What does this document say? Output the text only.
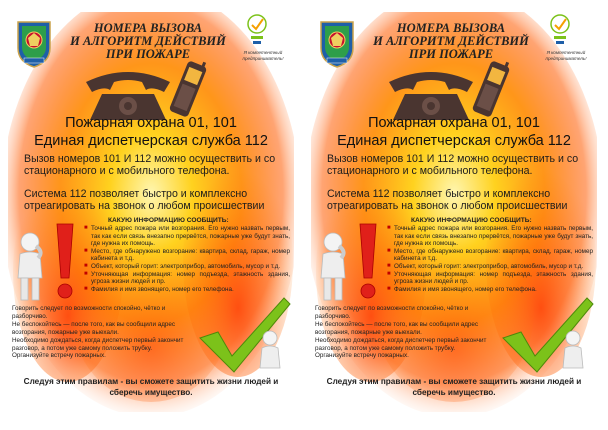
НОМЕРА ВЫЗОВА
И АЛГОРИТМ ДЕЙСТВИЙ
ПРИ ПОЖАРЕ	Я компетентный предприниматель!
Пожарная охрана 01, 101
Единая диспетчерская служба 112
Вызов номеров 101 И 112 можно осуществить и со стационарного и с мобильного телефона.
Система 112 позволяет быстро и комплексно отреагировать на звонок о любом происшествии
КАКУЮ ИНФОРМАЦИЮ СООБЩИТЬ:
■ Точный адрес пожара или возгорания. Его нужно назвать первым, так как если связь внезапно прервётся, пожарные уже будут знать, где нужна их помощь.
■ Место, где обнаружено возгорание: квартира, склад, гараж, номер кабинета и т.д.
■ Объект, который горит: электроприбор, автомобиль, мусор и т.д.
■ Уточняющая информация: номер подъезда, этажность здания, угроза жизни людей и пр.
■ Фамилия и имя звонящего, номер его телефона.
Говорить следует по возможности спокойно, чётко и разборчиво.
Не беспокойтесь — после того, как вы сообщили адрес возгорания, пожарные уже выехали.
Необходимо дождаться, когда диспетчер первый закончит разговор, а потом уже самому положить трубку.
Организуйте встречу пожарных.
Следуя этим правилам - вы сможете защитить жизни людей и сберечь имущество.
НОМЕРА ВЫЗОВА
И АЛГОРИТМ ДЕЙСТВИЙ
ПРИ ПОЖАРЕ	Я компетентный предприниматель!
Пожарная охрана 01, 101
Единая диспетчерская служба 112
Вызов номеров 101 И 112 можно осуществить и со стационарного и с мобильного телефона.
Система 112 позволяет быстро и комплексно отреагировать на звонок о любом происшествии
КАКУЮ ИНФОРМАЦИЮ СООБЩИТЬ:
■ Точный адрес пожара или возгорания. Его нужно назвать первым, так как если связь внезапно прервётся, пожарные уже будут знать, где нужна их помощь.
■ Место, где обнаружено возгорание: квартира, склад, гараж, номер кабинета и т.д.
■ Объект, который горит: электроприбор, автомобиль, мусор и т.д.
■ Уточняющая информация: номер подъезда, этажность здания, угроза жизни людей и пр.
■ Фамилия и имя звонящего, номер его телефона.
Говорить следует по возможности спокойно, чётко и разборчиво.
Не беспокойтесь — после того, как вы сообщили адрес возгорания, пожарные уже выехали.
Необходимо дождаться, когда диспетчер первый закончит разговор, а потом уже самому положить трубку.
Организуйте встречу пожарных.
Следуя этим правилам - вы сможете защитить жизни людей и сберечь имущество.
